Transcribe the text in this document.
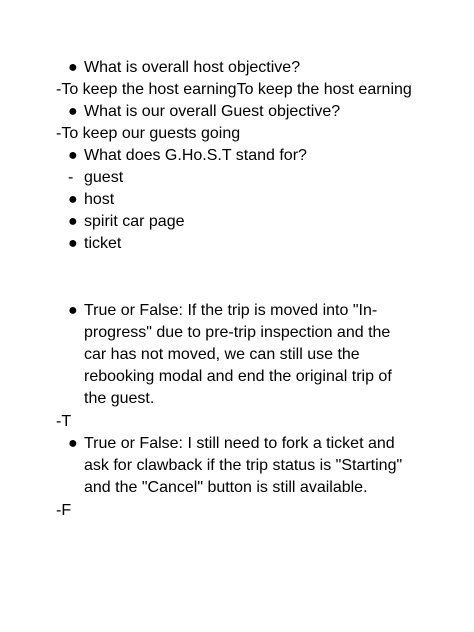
● What is overall host objective?
-To keep the host earningTo keep the host earning
● What is our overall Guest objective?
-To keep our guests going
● What does G.Ho.S.T stand for?
- guest
● host
● spirit car page
● ticket
● True or False: If the trip is moved into "In-progress" due to pre-trip inspection and the car has not moved, we can still use the rebooking modal and end the original trip of the guest.
-T
● True or False: I still need to fork a ticket and ask for clawback if the trip status is "Starting" and the "Cancel" button is still available.
-F
